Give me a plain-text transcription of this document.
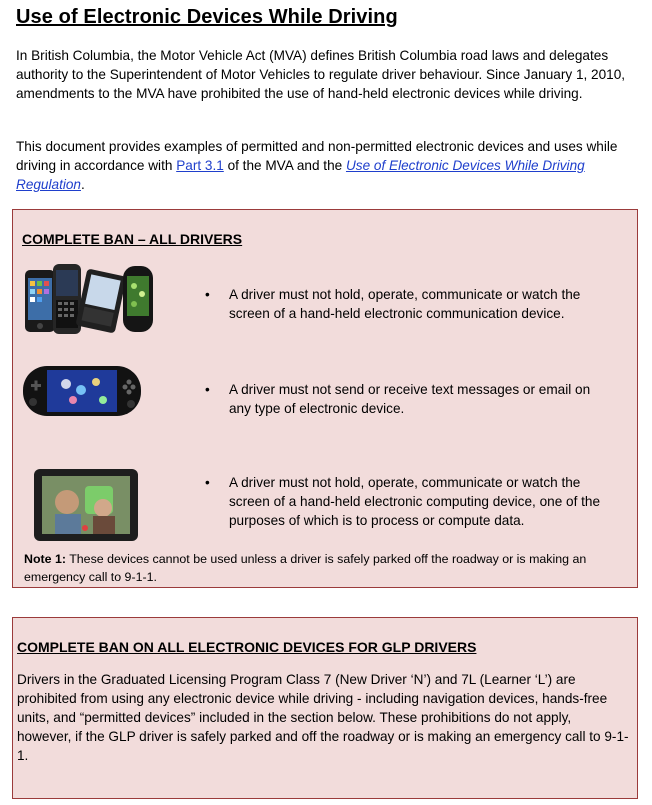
Use of Electronic Devices While Driving

In British Columbia, the Motor Vehicle Act (MVA) defines British Columbia road laws and delegates authority to the Superintendent of Motor Vehicles to regulate driver behaviour. Since January 1, 2010, amendments to the MVA have prohibited the use of hand-held electronic devices while driving.

This document provides examples of permitted and non-permitted electronic devices and uses while driving in accordance with Part 3.1 of the MVA and the Use of Electronic Devices While Driving Regulation.

COMPLETE BAN – ALL DRIVERS
•	A driver must not hold, operate, communicate or watch the screen of a hand-held electronic communication device.
•	A driver must not send or receive text messages or email on any type of electronic device.
•	A driver must not hold, operate, communicate or watch the screen of a hand-held electronic computing device, one of the purposes of which is to process or compute data.
Note 1: These devices cannot be used unless a driver is safely parked off the roadway or is making an emergency call to 9-1-1.
COMPLETE BAN ON ALL ELECTRONIC DEVICES FOR GLP DRIVERS

Drivers in the Graduated Licensing Program Class 7 (New Driver ‘N’) and 7L (Learner ‘L’) are prohibited from using any electronic device while driving - including navigation devices, hands-free units, and “permitted devices” included in the section below. These prohibitions do not apply, however, if the GLP driver is safely parked and off the roadway or is making an emergency call to 9-1-1.
